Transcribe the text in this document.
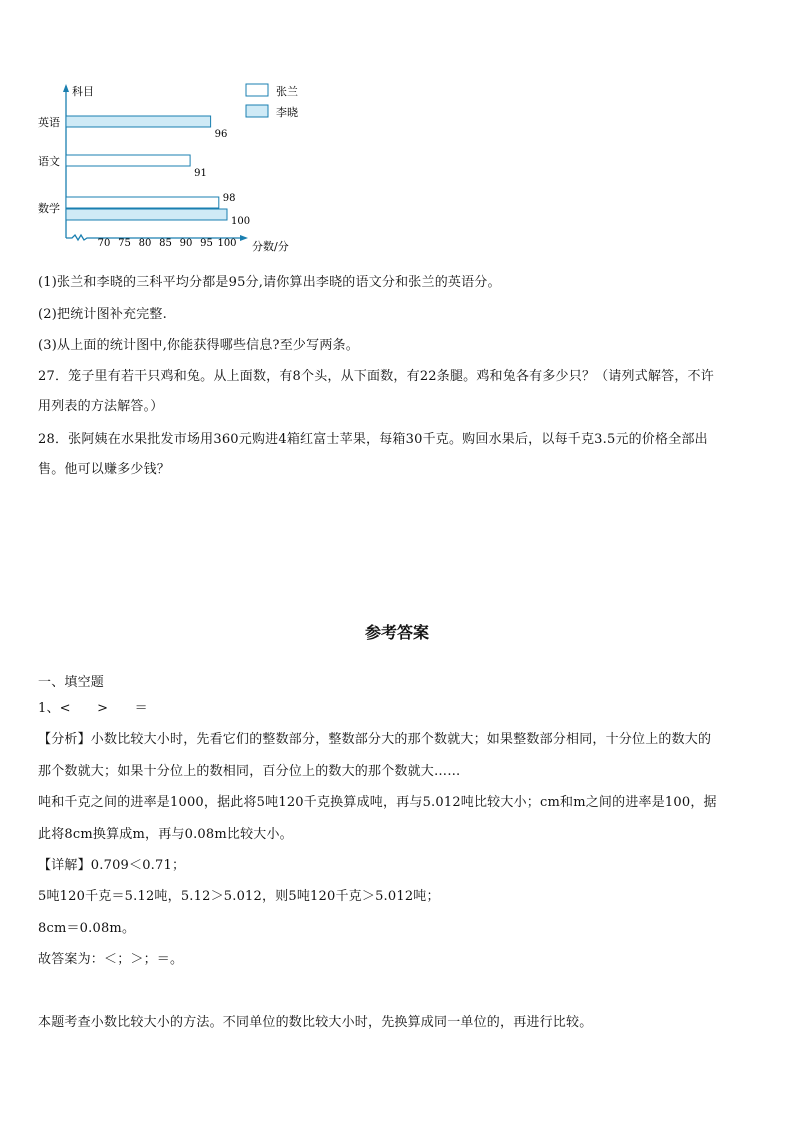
科目
分数/分
70 75 80 85 90 95 100
英语
96
语文
91
数学
98
100
张兰
李晓
(1)张兰和李晓的三科平均分都是95分,请你算出李晓的语文分和张兰的英语分。
(2)把统计图补充完整.
(3)从上面的统计图中,你能获得哪些信息?至少写两条。
27．笼子里有若干只鸡和兔。从上面数，有8个头，从下面数，有22条腿。鸡和兔各有多少只？（请列式解答，不许
用列表的方法解答。）
28．张阿姨在水果批发市场用360元购进4箱红富士苹果，每箱30千克。购回水果后，以每千克3.5元的价格全部出
售。他可以赚多少钱？
参考答案
一、填空题
1、<　　>　　＝
【分析】小数比较大小时，先看它们的整数部分，整数部分大的那个数就大；如果整数部分相同，十分位上的数大的
那个数就大；如果十分位上的数相同，百分位上的数大的那个数就大……
吨和千克之间的进率是1000，据此将5吨120千克换算成吨，再与5.012吨比较大小；cm和m之间的进率是100，据
此将8cm换算成m，再与0.08m比较大小。
【详解】0.709＜0.71；
5吨120千克＝5.12吨，5.12＞5.012，则5吨120千克＞5.012吨；
8cm＝0.08m。
故答案为：＜；＞；＝。
本题考查小数比较大小的方法。不同单位的数比较大小时，先换算成同一单位的，再进行比较。
